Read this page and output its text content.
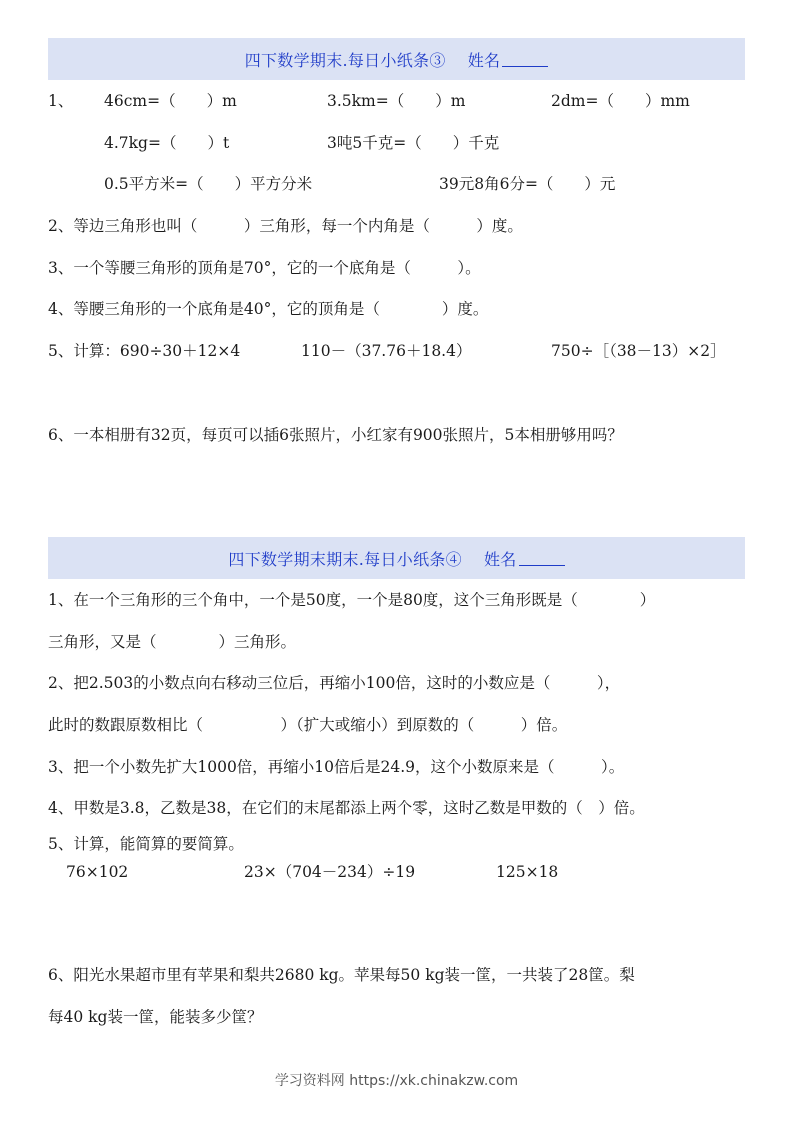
四下数学期末.每日小纸条③ 姓名
1、 46cm=（　　）m	3.5km=（　　）m	2dm=（　　）mm
4.7kg=（　　）t	3吨5千克=（　　）千克
0.5平方米=（　　）平方分米	39元8角6分=（　　）元
2、等边三角形也叫（　　　）三角形，每一个内角是（　　　）度。
3、一个等腰三角形的顶角是70°，它的一个底角是（　　　）。
4、等腰三角形的一个底角是40°，它的顶角是（　　　　）度。
5、计算：690÷30＋12×4	110－（37.76＋18.4）	750÷［（38－13）×2］
6、一本相册有32页，每页可以插6张照片，小红家有900张照片，5本相册够用吗？
四下数学期末期末.每日小纸条④ 姓名
1、在一个三角形的三个角中，一个是50度，一个是80度，这个三角形既是（　　　　）
三角形，又是（　　　　）三角形。
2、把2.503的小数点向右移动三位后，再缩小100倍，这时的小数应是（　　　），
此时的数跟原数相比（　　　　　）（扩大或缩小）到原数的（　　　）倍。
3、把一个小数先扩大1000倍，再缩小10倍后是24.9，这个小数原来是（　　　）。
4、甲数是3.8，乙数是38，在它们的末尾都添上两个零，这时乙数是甲数的（　）倍。
5、计算，能简算的要简算。
76×102	23×（704－234）÷19	125×18
6、阳光水果超市里有苹果和梨共2680 kg。苹果每50 kg装一筐，一共装了28筐。梨
每40 kg装一筐，能装多少筐？
学习资料网 https://xk.chinakzw.com
